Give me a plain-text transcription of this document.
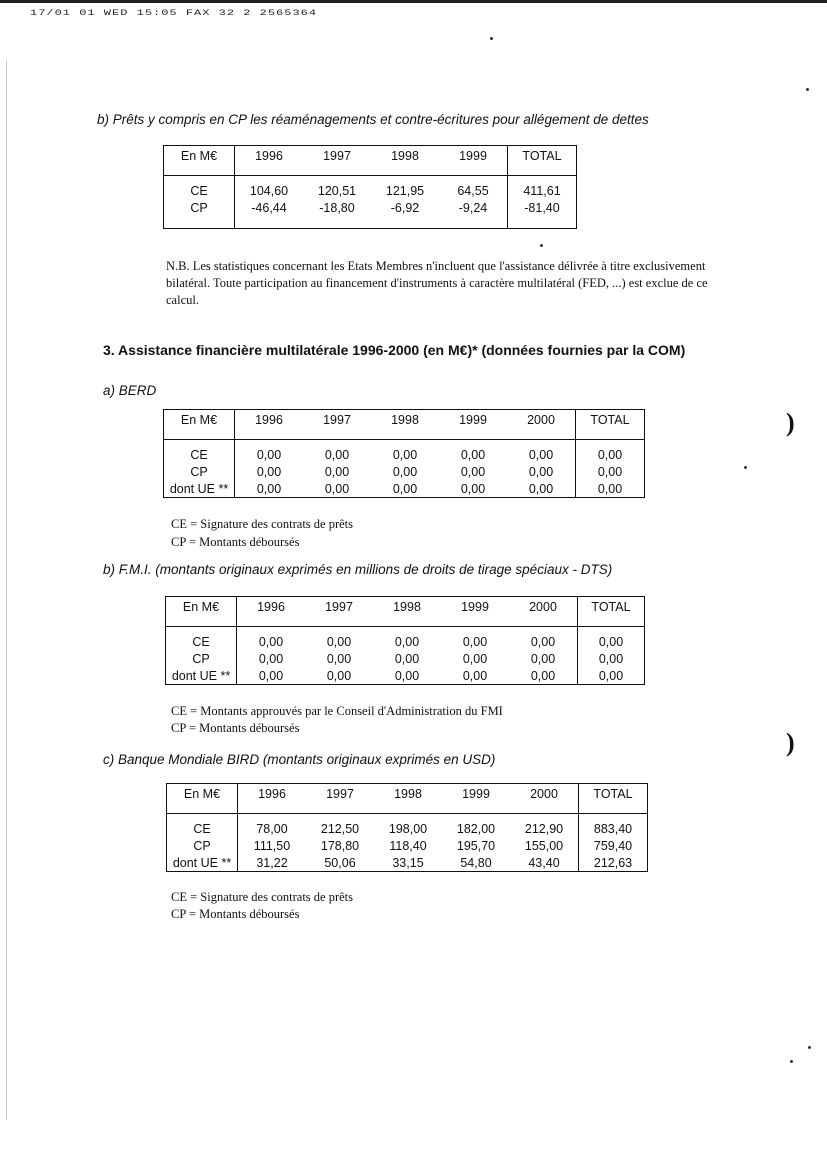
17/01 01 WED 15:05 FAX 32 2 2565364
b) Prêts y compris en CP les réaménagements et contre-écritures pour allégement de dettes
En M€	1996	1997	1998	1999	TOTAL

CE	104,60	120,51	121,95	64,55	411,61
CP	-46,44	-18,80	-6,92	-9,24	-81,40

N.B. Les statistiques concernant les Etats Membres n'incluent que l'assistance délivrée à titre exclusivement bilatéral. Toute participation au financement d'instruments à caractère multilatéral (FED, ...) est exclue de ce calcul.
3. Assistance financière multilatérale 1996-2000 (en M€)* (données fournies par la COM)
a) BERD
En M€	1996	1997	1998	1999	2000	TOTAL

CE	0,00	0,00	0,00	0,00	0,00	0,00
CP	0,00	0,00	0,00	0,00	0,00	0,00
dont UE **	0,00	0,00	0,00	0,00	0,00	0,00
CE = Signature des contrats de prêts
CP = Montants déboursés
b) F.M.I. (montants originaux exprimés en millions de droits de tirage spéciaux - DTS)
En M€	1996	1997	1998	1999	2000	TOTAL

CE	0,00	0,00	0,00	0,00	0,00	0,00
CP	0,00	0,00	0,00	0,00	0,00	0,00
dont UE **	0,00	0,00	0,00	0,00	0,00	0,00
CE = Montants approuvés par le Conseil d'Administration du FMI
CP = Montants déboursés
c) Banque Mondiale BIRD (montants originaux exprimés en USD)
En M€	1996	1997	1998	1999	2000	TOTAL

CE	78,00	212,50	198,00	182,00	212,90	883,40
CP	111,50	178,80	118,40	195,70	155,00	759,40
dont UE **	31,22	50,06	33,15	54,80	43,40	212,63
CE = Signature des contrats de prêts
CP = Montants déboursés
)
)
